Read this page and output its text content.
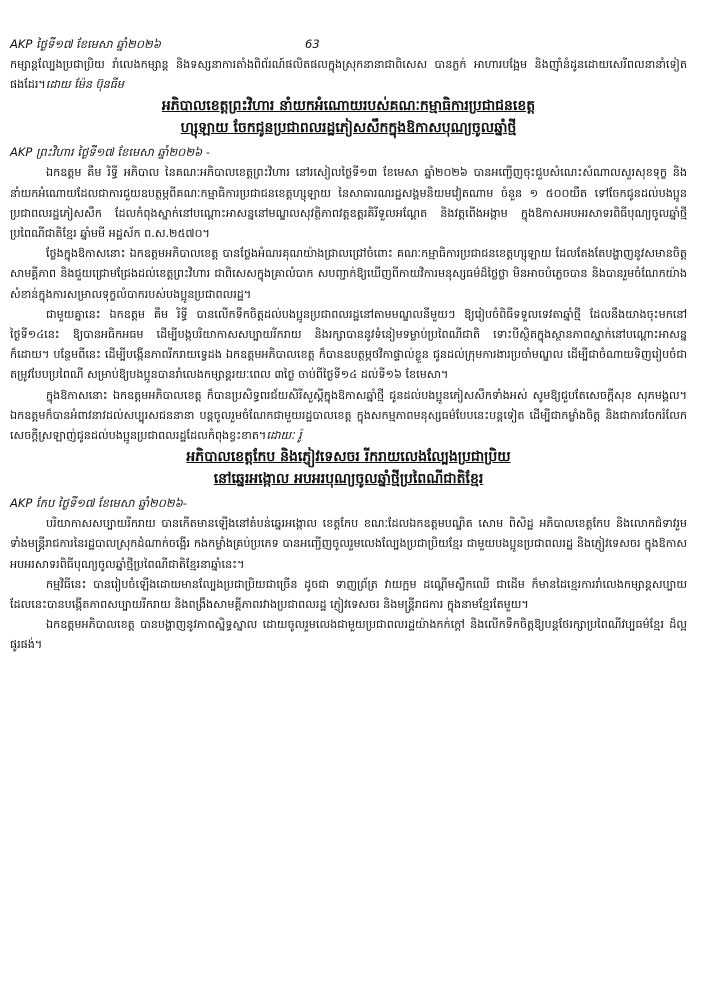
AKP ថ្ងៃទី១៧ ខែមេសា ឆ្នាំ២០២៦	63

កម្សាន្តល្បែងប្រជាប្រិយ រាំលេងកម្សាន្ត និងទស្សនាការតាំងពិព័រណ៍ផលិតផលក្នុងស្រុកនានាជាពិសេស បានភ្លក់ អាហារបង្អែម និងញ៉ាំនំដូនដោយសេរីពលនានាំទៀតផងដែរ។ដោយ ម៉ែន ប៊ុនធីម

អភិបាលខេត្តព្រះវិហារ នាំយកអំណោយរបស់គណៈកម្មាធិការប្រជាជនខេត្ត

ហ្សុឡាយ ចែកជូនប្រជាពលរដ្ឋភៀសសឹកក្នុងឱកាសបុណ្យចូលឆ្នាំថ្មី

AKP ព្រះវិហារ ថ្ងៃទី១៧ ខែមេសា ឆ្នាំ២០២៦ -

ឯកឧត្ដម គឹម រិទ្ធី អភិបាល នៃគណៈអភិបាលខេត្តព្រះវិហារ នៅរសៀលថ្ងៃទី១៣ ខែមេសា ឆ្នាំ២០២៦ បានអញ្ជើញចុះជួបសំណេះសំណាលសួរសុខទុក្ខ និងនាំយកអំណោយដែលជាការជួយឧបត្ថម្ភពីគណៈកម្មាធិការប្រជាជនខេត្តហ្សុឡាយ នៃសាធារណរដ្ឋសង្គមនិយមវៀតណាម ចំនួន ១ ៥០០យឺត ទៅចែកជូនដល់បងប្អូនប្រជាពលរដ្ឋភៀសសឹក ដែលកំពុងស្នាក់នៅបណ្តោះអាសន្ននៅមណ្ឌលសុវត្ថិភាពវត្តឧត្តរគិរីទួលអណ្តែត និងវត្តពើងអង្កាម ក្នុងឱកាសអបអរសាទរពិធីបុណ្យចូលឆ្នាំថ្មីប្រពៃណីជាតិខ្មែរ ឆ្នាំមមី អដ្ឋស័ក ព.ស.២៥៧០។

ថ្លែងក្នុងឱកាសនោះ ឯកឧត្តមអភិបាលខេត្ត បានថ្លែងអំណរគុណយ៉ាងជ្រាលជ្រៅចំពោះ គណៈកម្មាធិការប្រជាជនខេត្តហ្សុឡាយ ដែលតែងតែបង្ហាញនូវសមានចិត្តសាមគ្គីភាព និងជួយជ្រោមជ្រែងដល់ខេត្តព្រះវិហារ ជាពិសេសក្នុងគ្រាលំបាក សបញ្ជាក់ឱ្យឃើញពីកាយវិការមនុស្សធម៌ដ៏ថ្លៃថ្លា មិនអាចបំភ្លេចបាន និងបានរួមចំណែកយ៉ាងសំខាន់ក្នុងការសម្រាលទុក្ខលំបាករបស់បងប្អូនប្រជាពលរដ្ឋ។

ជាមួយគ្នានេះ ឯកឧត្តម គឹម រិទ្ធី បានលើកទឹកចិត្តដល់បងប្អូនប្រជាពលរដ្ឋនៅតាមមណ្ឌលនីមួយៗ ឱ្យរៀបចំពិធីទទួលទេវតាឆ្នាំថ្មី ដែលនឹងយាងចុះមកនៅថ្ងៃទី១៤នេះ ឱ្យបានអធិកអធម ដើម្បីបង្កបរិយាកាសសប្បាយរីករាយ និងរក្សាបាននូវទំនៀមទម្លាប់ប្រពៃណីជាតិ ទោះបីស្ថិតក្នុងស្ថានភាពស្នាក់នៅបណ្តោះអាសន្នក៏ដោយ។ បន្ថែមពីនេះ ដើម្បីបង្កើនភាពរីករាយទ្វេដង ឯកឧត្តមអភិបាលខេត្ត ក៏បានឧបត្ថម្ភថវិកាផ្ទាល់ខ្លួន ជូនដល់ក្រុមការងារប្រចាំមណ្ឌល ដើម្បីជាចំណាយទិញរៀបចំជាតម្រូវបែបប្រពៃណី សម្រាប់ឱ្យបងប្អូនបានរាំលេងកម្សាន្តរយៈពេល ៣ថ្ងៃ ចាប់ពីថ្ងៃទី១៤ ដល់ទី១៦ ខែមេសា។

ក្នុងឱកាសនោះ ឯកឧត្តមអភិបាលខេត្ត ក៏បានប្រសិទ្ធពរជ័យសិរីសួស្តីក្នុងឱកាសឆ្នាំថ្មី ជូនដល់បងប្អូនភៀសសឹកទាំងអស់ សូមឱ្យជួបតែសេចក្តីសុខ សុភមង្គល។ ឯកឧត្តមក៏បានអំពាវនាវដល់សប្បុរសជននានា បន្តចូលរួមចំណែកជាមួយរដ្ឋបាលខេត្ត ក្នុងសកម្មភាពមនុស្សធម៌បែបនេះបន្តទៀត ដើម្បីជាកម្លាំងចិត្ត និងជាការចែករំលែកសេចក្តីស្រឡាញ់ជូនដល់បងប្អូនប្រជាពលរដ្ឋដែលកំពុងខ្វះខាត។ដោយៈ រ៉ូ

អភិបាលខេត្តកែប និងភ្ញៀវទេសចរ រីករាយលេងល្បែងប្រជាប្រិយ

នៅឆ្នេរអង្កោល អបអរបុណ្យចូលឆ្នាំថ្មីប្រពៃណីជាតិខ្មែរ

AKP កែប ថ្ងៃទី១៧ ខែមេសា ឆ្នាំ២០២៦-

បរិយាកាសសប្បាយរីករាយ បានកើតមានឡើងនៅតំបន់ឆ្នេរអង្កោល ខេត្តកែប ខណៈដែលឯកឧត្តមបណ្ឌិត សោម ពិសិដ្ឋ អភិបាលខេត្តកែប និងលោកជំទាវរួមទាំងមន្ត្រីរាជការនៃរដ្ឋបាលស្រុកដំណាក់ចង្អើរ កងកម្លាំងគ្រប់ប្រភេទ បានអញ្ជើញចូលរួមលេងល្បែងប្រជាប្រិយខ្មែរ ជាមួយបងប្អូនប្រជាពលរដ្ឋ និងភ្ញៀវទេសចរ ក្នុងឱកាសអបអរសាទរពិធីបុណ្យចូលឆ្នាំថ្មីប្រពៃណីជាតិខ្មែរនាឆ្នាំនេះ។

កម្មវិធីនេះ បានរៀបចំឡើងដោយមានល្បែងប្រជាប្រិយជាច្រើន ដូចជា ទាញព្រ័ត្រ វាយក្អម ដណ្តើមស្លឹកឈើ ជាដើម ក៏មានដៃខ្មេរការរាំលេងកម្សាន្តសប្បាយ ដែលនេះបានបង្កើតភាពសប្បាយរីករាយ និងពង្រឹងសាមគ្គីភាពរវាងប្រជាពលរដ្ឋ ភ្ញៀវទេសចរ និងមន្ត្រីរាជការ ក្នុងនាមខ្មែរតែមួយ។

ឯកឧត្តមអភិបាលខេត្ត បានបង្ហាញនូវភាពស្និទ្ធស្នាល ដោយចូលរួមលេងជាមួយប្រជាពលរដ្ឋយ៉ាងកក់ក្តៅ និងលើកទឹកចិត្តឱ្យបន្តថែរក្សាប្រពៃណីវប្បធម៌ខ្មែរ ដ៏ល្អផូរផង់។
